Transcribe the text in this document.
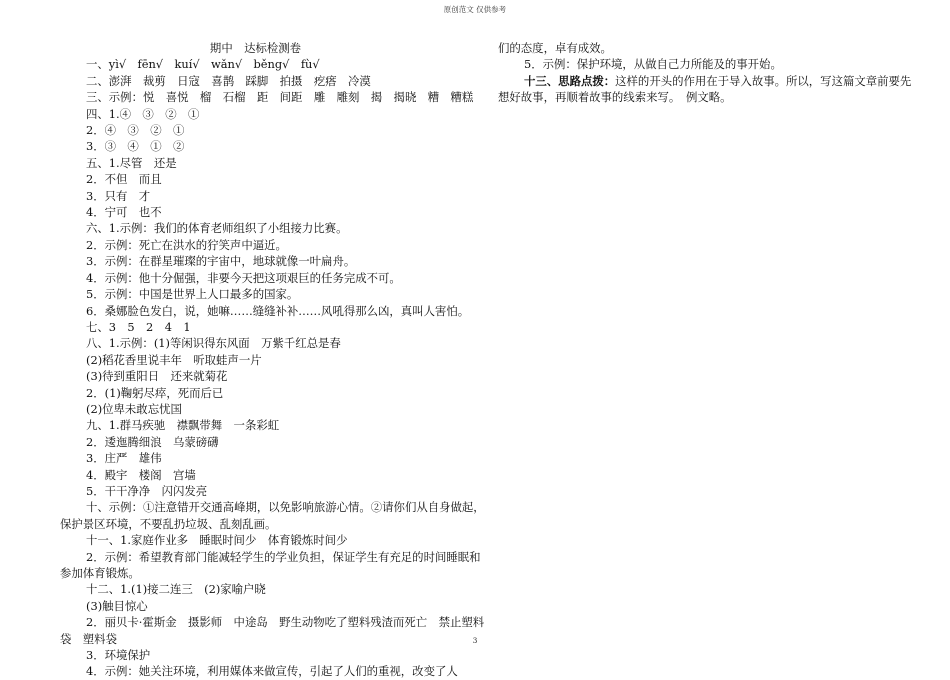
原创范文 仅供参考
期中　达标检测卷
一、yì√　fēn√　kuí√　wǎn√　běng√　fù√
二、澎湃　裁剪　日寇　喜鹊　踩脚　拍摄　疙瘩　冷漠
三、示例：悦　喜悦　榴　石榴　距　间距　雕　雕刻　揭　揭晓　糟　糟糕
四、1.④　③　②　①
2．④　③　②　①
3．③　④　①　②
五、1.尽管　还是
2．不但　而且
3．只有　才
4．宁可　也不
六、1.示例：我们的体育老师组织了小组接力比赛。
2．示例：死亡在洪水的狞笑声中逼近。
3．示例：在群星璀璨的宇宙中，地球就像一叶扁舟。
4．示例：他十分倔强，非要今天把这项艰巨的任务完成不可。
5．示例：中国是世界上人口最多的国家。
6．桑娜脸色发白，说，她嘛……缝缝补补……风吼得那么凶，真叫人害怕。
七、3　5　2　4　1
八、1.示例：(1)等闲识得东风面　万紫千红总是春
(2)稻花香里说丰年　听取蛙声一片
(3)待到重阳日　还来就菊花
2．(1)鞠躬尽瘁，死而后已
(2)位卑未敢忘忧国
九、1.群马疾驰　襟飘带舞　一条彩虹
2．逶迤腾细浪　乌蒙磅礴
3．庄严　雄伟
4．殿宇　楼阁　宫墙
5．干干净净　闪闪发亮
十、示例：①注意错开交通高峰期，以免影响旅游心情。②请你们从自身做起，保护景区环境，不要乱扔垃圾、乱刻乱画。
十一、1.家庭作业多　睡眠时间少　体育锻炼时间少
2．示例：希望教育部门能减轻学生的学业负担，保证学生有充足的时间睡眠和参加体育锻炼。
十二、1.(1)接二连三　(2)家喻户晓
(3)触目惊心
2．丽贝卡·霍斯金　摄影师　中途岛　野生动物吃了塑料残渣而死亡　禁止塑料袋　塑料袋
3．环境保护
4．示例：她关注环境，利用媒体来做宣传，引起了人们的重视，改变了人
们的态度，卓有成效。
5．示例：保护环境，从做自己力所能及的事开始。
十三、思路点拨：这样的开头的作用在于导入故事。所以，写这篇文章前要先想好故事，再顺着故事的线索来写。　例文略。
3
